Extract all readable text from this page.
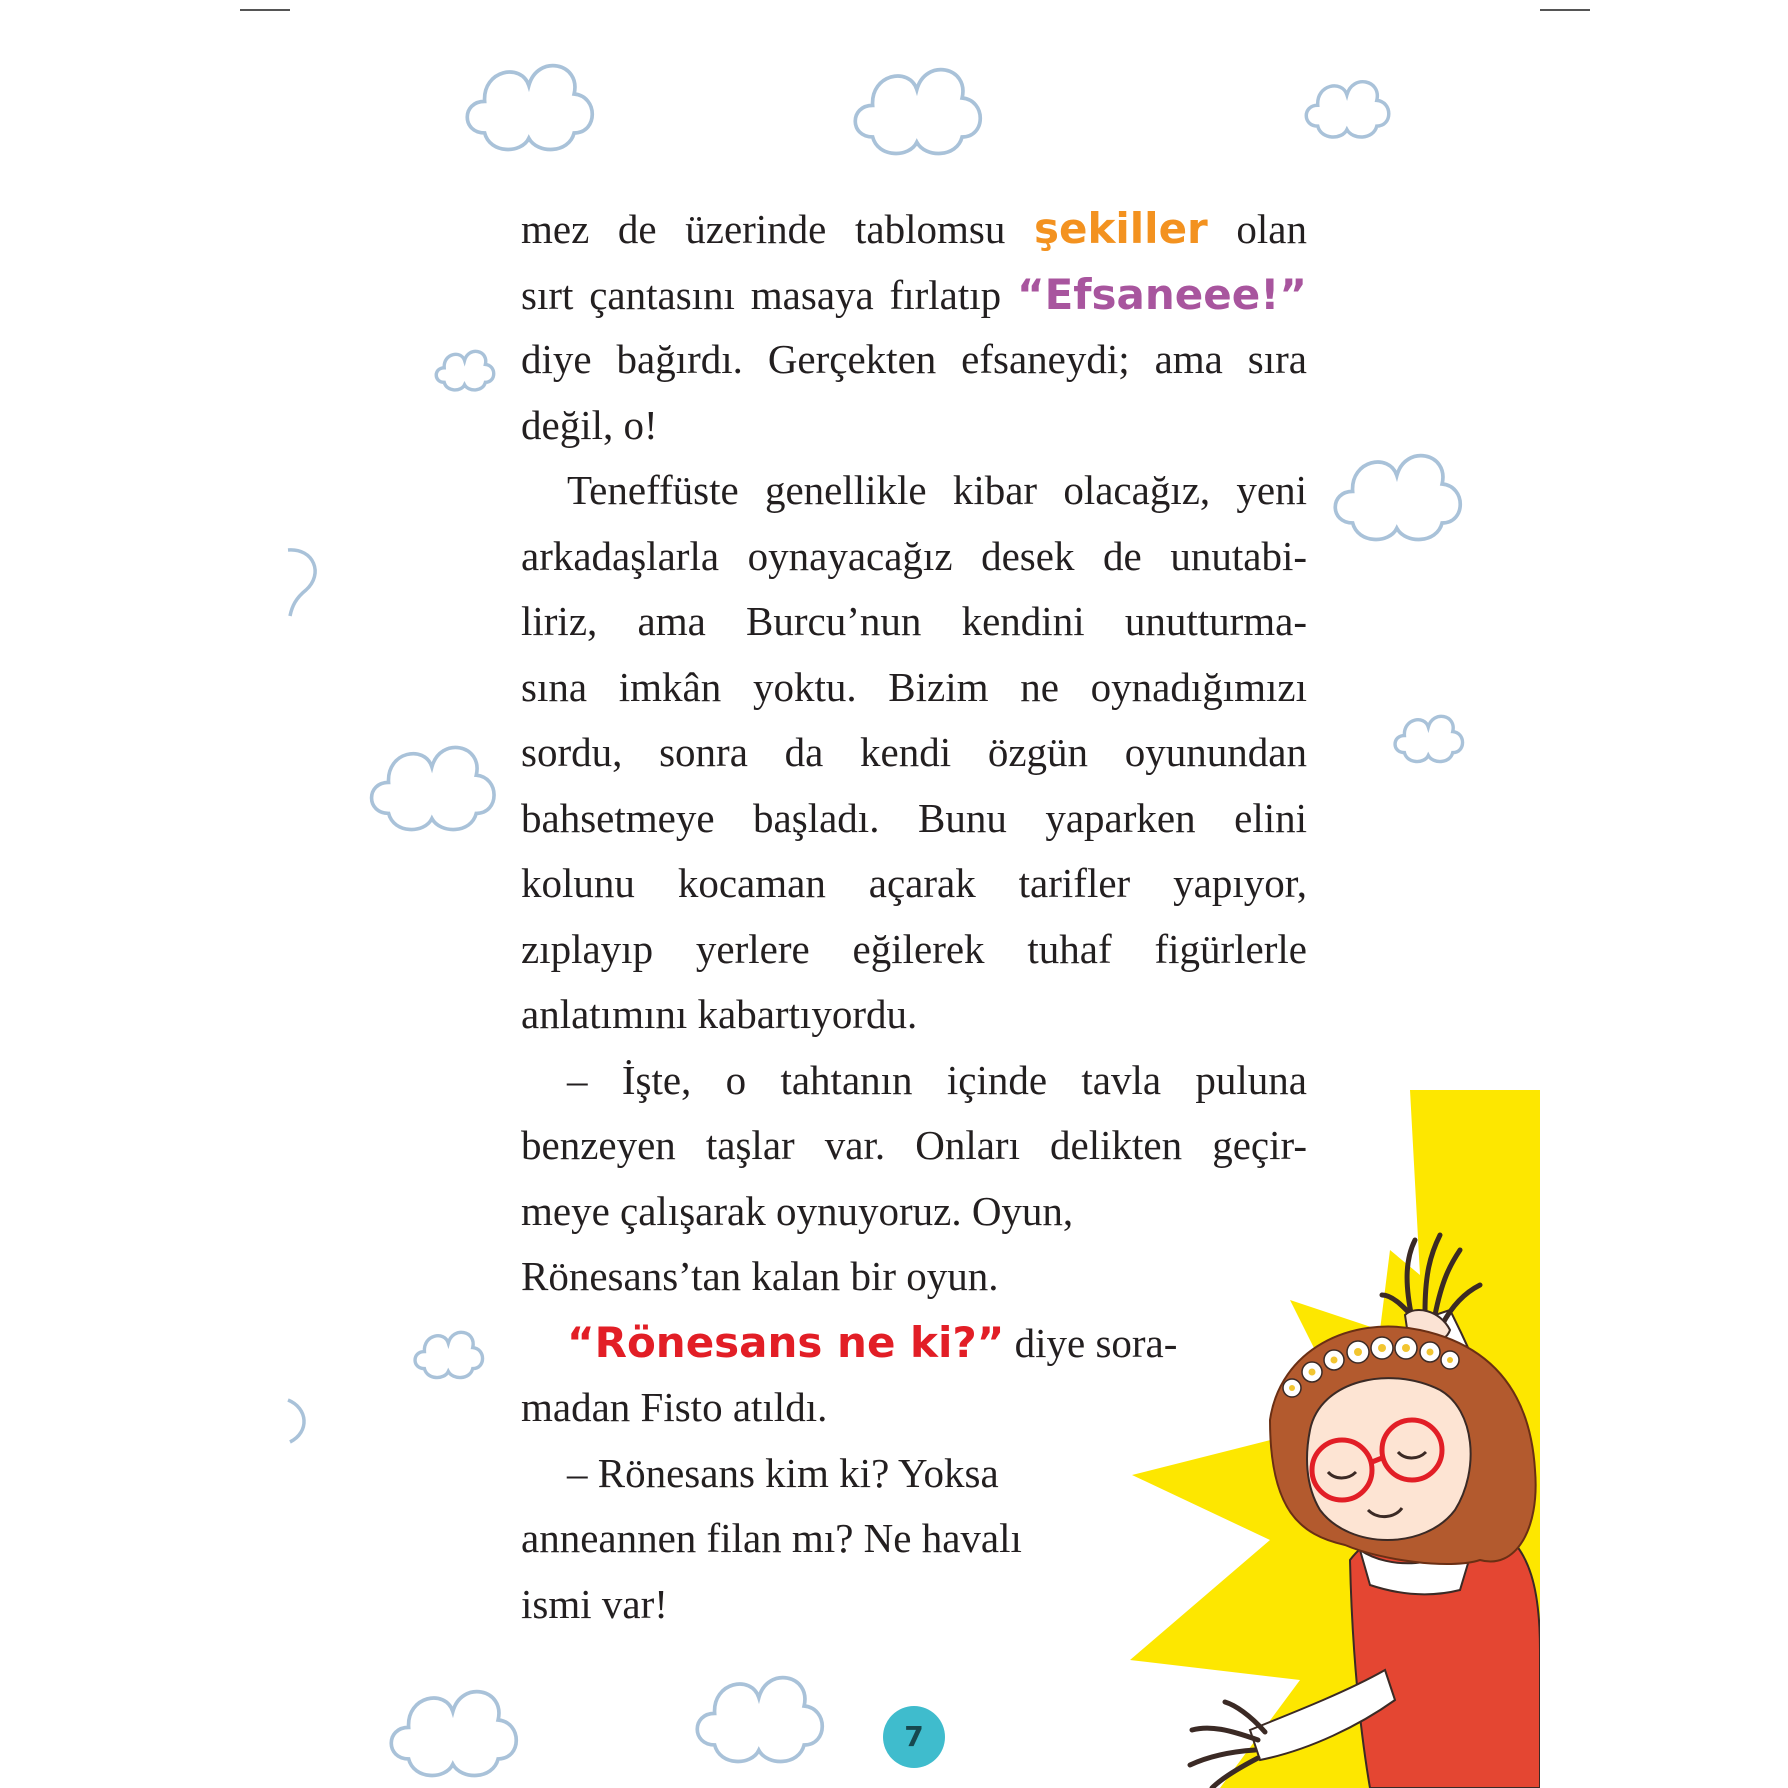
mez de üzerinde tablomsu şekiller olan
sırt çantasını masaya fırlatıp “Efsaneee!”
diye bağırdı. Gerçekten efsaneydi; ama sıra
değil, o!
Teneffüste genellikle kibar olacağız, yeni
arkadaşlarla oynayacağız desek de unutabi-
liriz, ama Burcu’nun kendini unutturma-
sına imkân yoktu. Bizim ne oynadığımızı
sordu, sonra da kendi özgün oyunundan
bahsetmeye başladı. Bunu yaparken elini
kolunu kocaman açarak tarifler yapıyor,
zıplayıp yerlere eğilerek tuhaf figürlerle
anlatımını kabartıyordu.
– İşte, o tahtanın içinde tavla puluna
benzeyen taşlar var. Onları delikten geçir-
meye çalışarak oynuyoruz. Oyun,
Rönesans’tan kalan bir oyun.
“Rönesans ne ki?” diye sora-
madan Fisto atıldı.
– Rönesans kim ki? Yoksa
anneannen filan mı? Ne havalı
ismi var!
7
